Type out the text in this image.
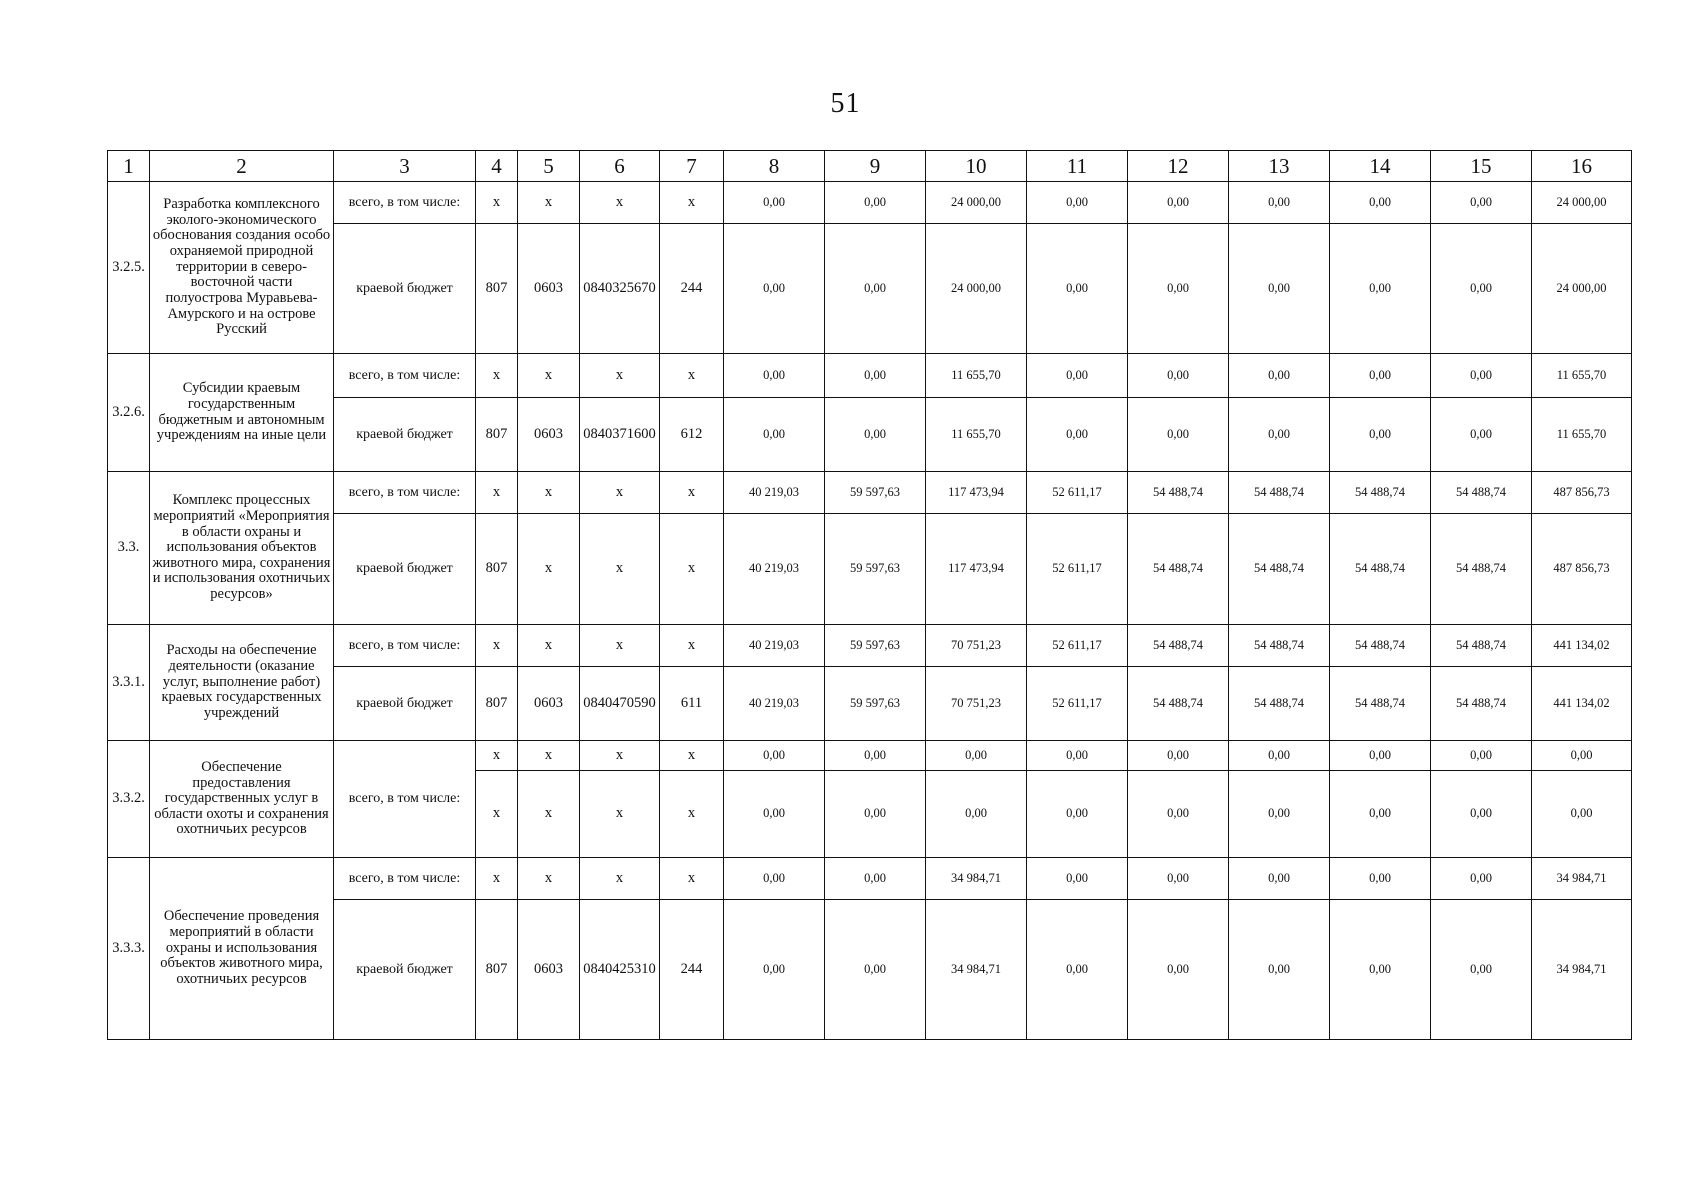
51
1	2	3	4	5	6	7	8	9	10	11	12	13	14	15	16
3.2.5.	Разработка комплексного эколого-экономического обоснования создания особо охраняемой природной территории в северо-восточной части полуострова Муравьева-Амурского и на острове Русский	всего, в том числе:	x	x	x	x	0,00	0,00	24 000,00	0,00	0,00	0,00	0,00	0,00	24 000,00
		краевой бюджет	807	0603	0840325670	244	0,00	0,00	24 000,00	0,00	0,00	0,00	0,00	0,00	24 000,00
3.2.6.	Субсидии краевым государственным бюджетным и автономным учреждениям на иные цели	всего, в том числе:	x	x	x	x	0,00	0,00	11 655,70	0,00	0,00	0,00	0,00	0,00	11 655,70
		краевой бюджет	807	0603	0840371600	612	0,00	0,00	11 655,70	0,00	0,00	0,00	0,00	0,00	11 655,70
3.3.	Комплекс процессных мероприятий «Мероприятия в области охраны и использования объектов животного мира, сохранения и использования охотничьих ресурсов»	всего, в том числе:	x	x	x	x	40 219,03	59 597,63	117 473,94	52 611,17	54 488,74	54 488,74	54 488,74	54 488,74	487 856,73
		краевой бюджет	807	x	x	x	40 219,03	59 597,63	117 473,94	52 611,17	54 488,74	54 488,74	54 488,74	54 488,74	487 856,73
3.3.1.	Расходы на обеспечение деятельности (оказание услуг, выполнение работ) краевых государственных учреждений	всего, в том числе:	x	x	x	x	40 219,03	59 597,63	70 751,23	52 611,17	54 488,74	54 488,74	54 488,74	54 488,74	441 134,02
		краевой бюджет	807	0603	0840470590	611	40 219,03	59 597,63	70 751,23	52 611,17	54 488,74	54 488,74	54 488,74	54 488,74	441 134,02
3.3.2.	Обеспечение предоставления государственных услуг в области охоты и сохранения охотничьих ресурсов	всего, в том числе:	x	x	x	x	0,00	0,00	0,00	0,00	0,00	0,00	0,00	0,00	0,00
			x	x	x	x	0,00	0,00	0,00	0,00	0,00	0,00	0,00	0,00	0,00
3.3.3.	Обеспечение проведения мероприятий в области охраны и использования объектов животного мира, охотничьих ресурсов	всего, в том числе:	x	x	x	x	0,00	0,00	34 984,71	0,00	0,00	0,00	0,00	0,00	34 984,71
		краевой бюджет	807	0603	0840425310	244	0,00	0,00	34 984,71	0,00	0,00	0,00	0,00	0,00	34 984,71
